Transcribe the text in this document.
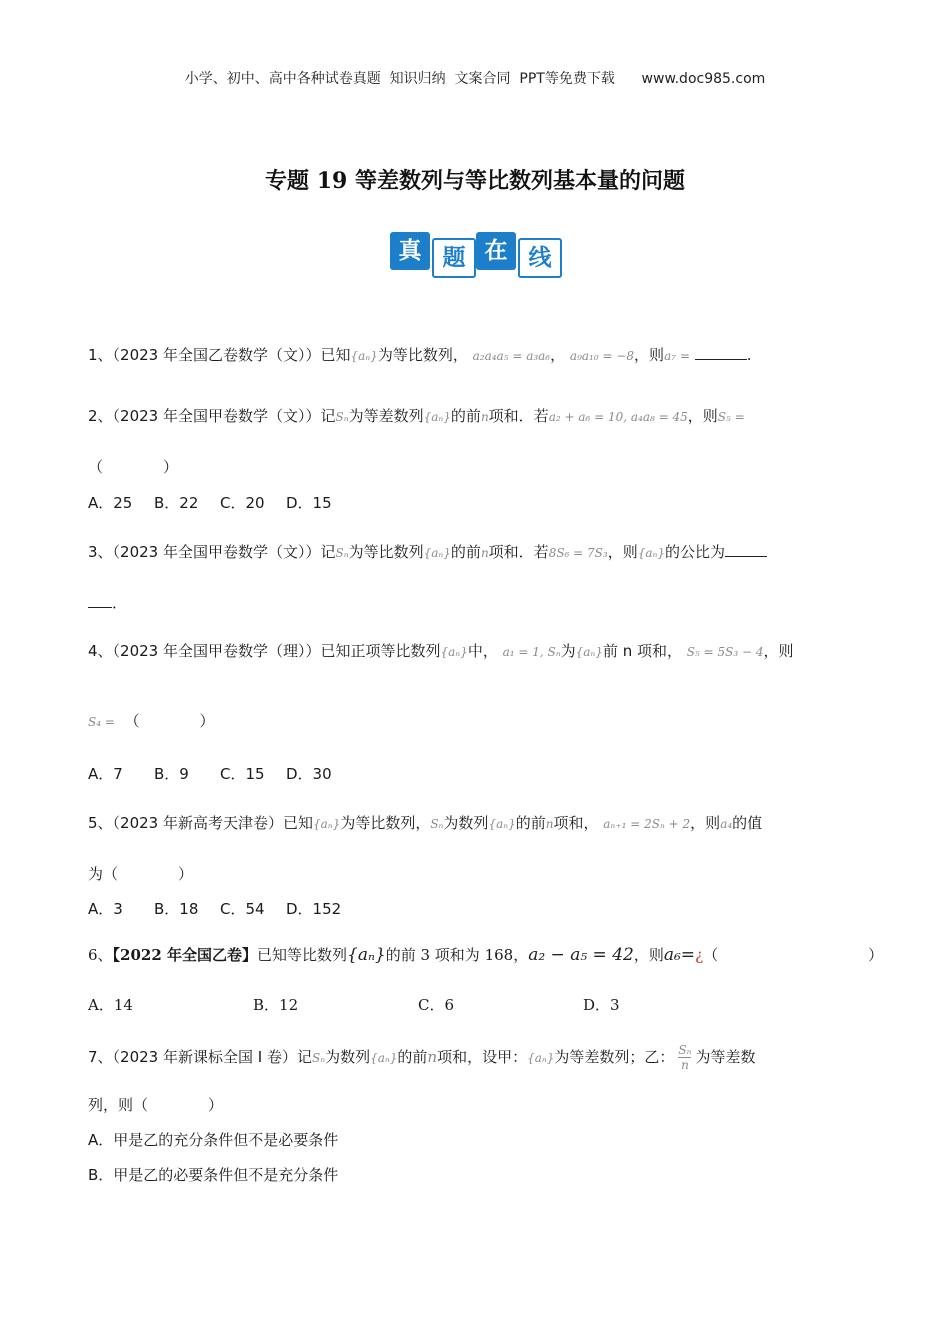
小学、初中、高中各种试卷真题  知识归纳  文案合同  PPT等免费下载      www.doc985.com
专题 19 等差数列与等比数列基本量的问题
真 题 在 线
1、（2023 年全国乙卷数学（文））已知{aₙ}为等比数列， a₂a₄a₅ = a₃a₆， a₉a₁₀ = −8，则a₇ =	.
2、（2023 年全国甲卷数学（文））记Sₙ为等差数列{aₙ}的前n项和．若a₂ + a₆ = 10, a₄a₈ = 45，则S₅ =
（　　　　）
A．25 B．22 C．20 D．15
3、（2023 年全国甲卷数学（文））记Sₙ为等比数列{aₙ}的前n项和．若8S₆ = 7S₃，则{aₙ}的公比为
．
4、（2023 年全国甲卷数学（理））已知正项等比数列{aₙ}中， a₁ = 1, Sₙ为{aₙ}前 n 项和， S₅ = 5S₃ − 4，则
S₄ = （　　　　）
A．7 B．9 C．15 D．30
5、（2023 年新高考天津卷）已知{aₙ}为等比数列，Sₙ为数列{aₙ}的前n项和， aₙ₊₁ = 2Sₙ + 2，则a₄的值
为（　　　　）
A．3 B．18 C．54 D．152
6、【2022 年全国乙卷】已知等比数列{aₙ}的前 3 项和为 168，a₂ − a₅ = 42，则a₆=¿（　　　　　　　　　　）
A．14	B．12	C．6	D．3
7、（2023 年新课标全国 Ⅰ 卷）记Sₙ为数列{aₙ}的前n项和，设甲：{aₙ}为等差数列；乙： $\frac{\text{Sₙ}}{n}$ 为等差数
列，则（　　　　）
A．甲是乙的充分条件但不是必要条件
B．甲是乙的必要条件但不是充分条件
